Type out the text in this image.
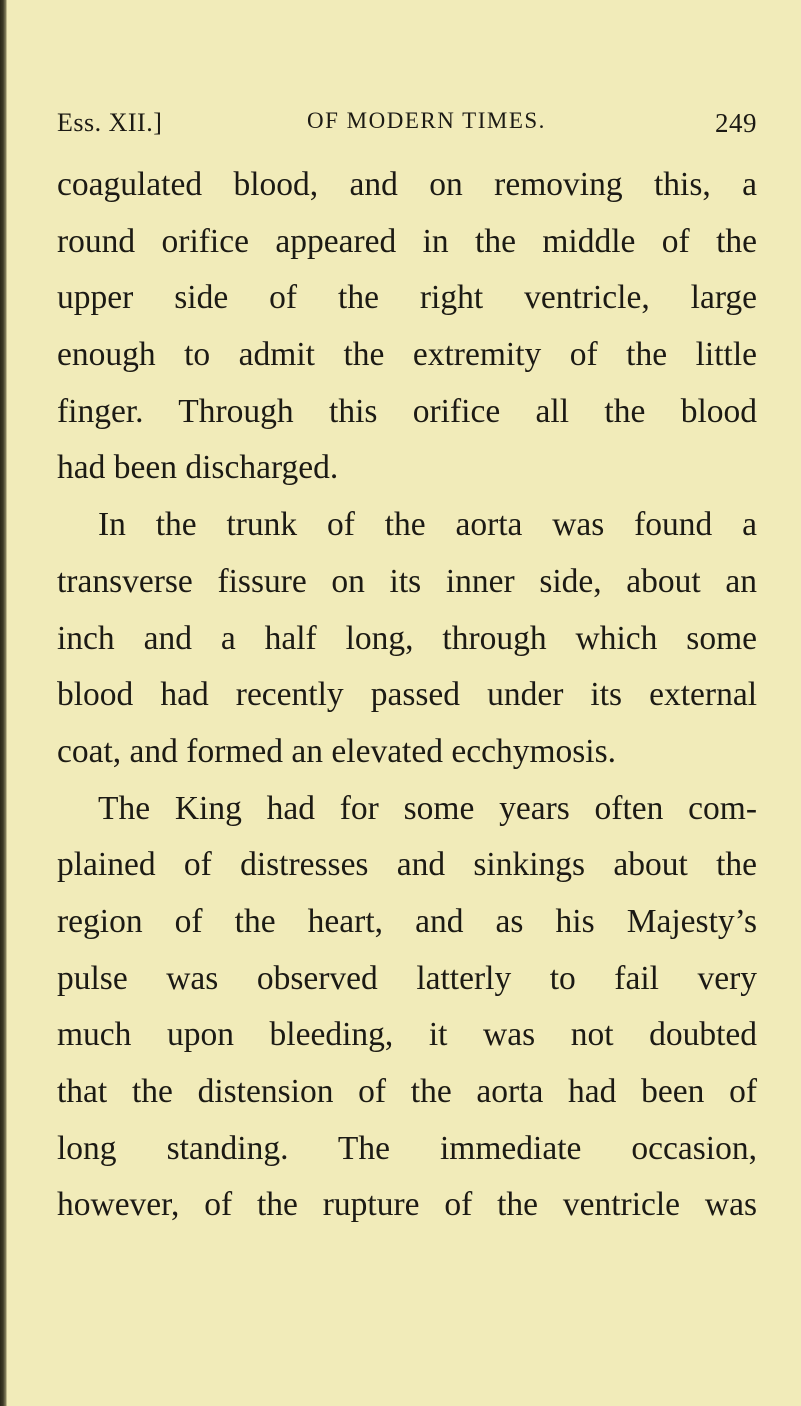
Ess. XII.]	OF MODERN TIMES.	249
coagulated blood, and on removing this, a
round orifice appeared in the middle of the
upper side of the right ventricle, large
enough to admit the extremity of the little
finger. Through this orifice all the blood
had been discharged.
In the trunk of the aorta was found a
transverse fissure on its inner side, about an
inch and a half long, through which some
blood had recently passed under its external
coat, and formed an elevated ecchymosis.
The King had for some years often com-
plained of distresses and sinkings about the
region of the heart, and as his Majesty’s
pulse was observed latterly to fail very
much upon bleeding, it was not doubted
that the distension of the aorta had been of
long standing. The immediate occasion,
however, of the rupture of the ventricle was
